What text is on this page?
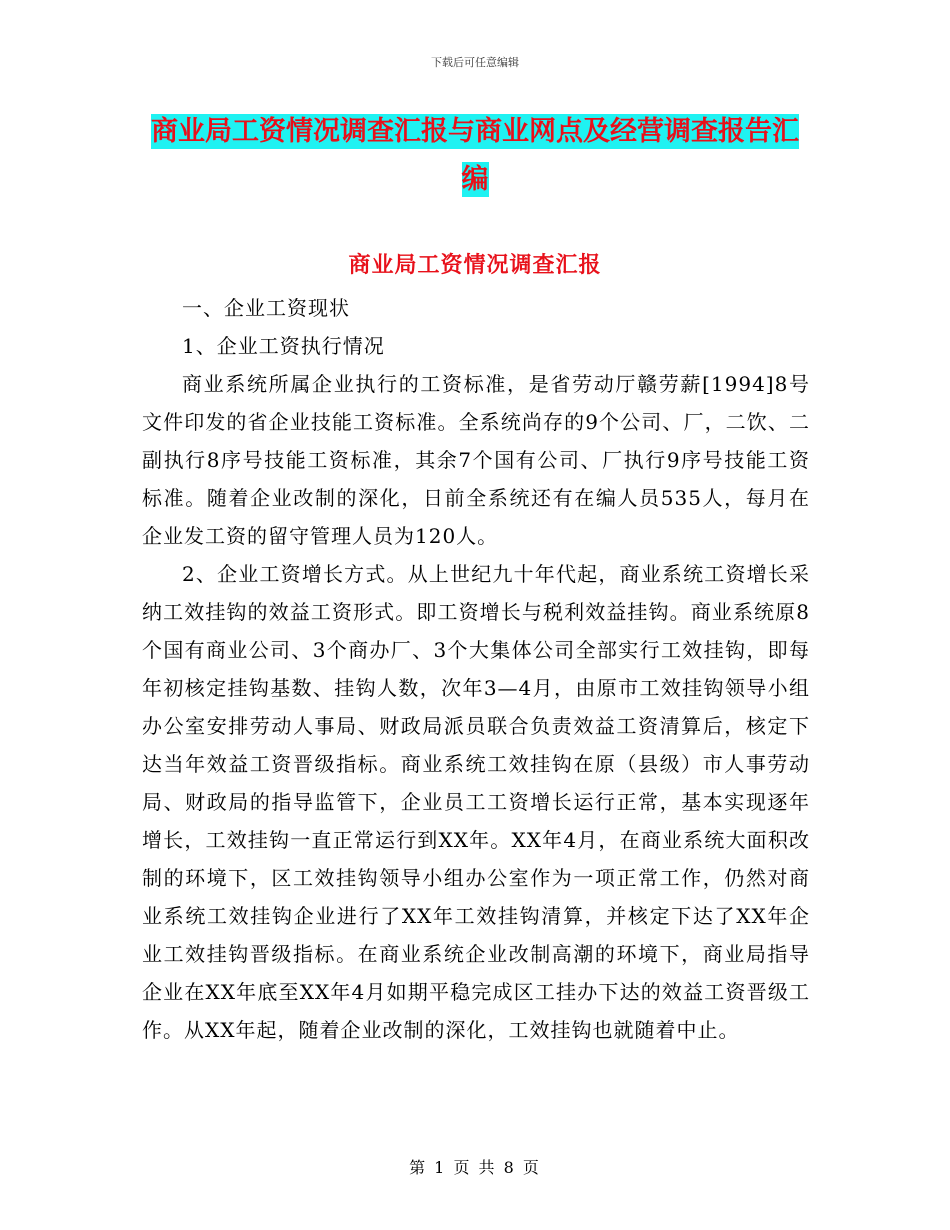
下载后可任意编辑
商业局工资情况调查汇报与商业网点及经营调查报告汇编
商业局工资情况调查汇报

一、企业工资现状

1、企业工资执行情况

商业系统所属企业执行的工资标准，是省劳动厅赣劳薪[1994]8号文件印发的省企业技能工资标准。全系统尚存的9个公司、厂，二饮、二副执行8序号技能工资标准，其余7个国有公司、厂执行9序号技能工资标准。随着企业改制的深化，日前全系统还有在编人员535人，每月在企业发工资的留守管理人员为120人。

2、企业工资增长方式。从上世纪九十年代起，商业系统工资增长采纳工效挂钩的效益工资形式。即工资增长与税利效益挂钩。商业系统原8个国有商业公司、3个商办厂、3个大集体公司全部实行工效挂钩，即每年初核定挂钩基数、挂钩人数，次年3—4月，由原市工效挂钩领导小组办公室安排劳动人事局、财政局派员联合负责效益工资清算后，核定下达当年效益工资晋级指标。商业系统工效挂钩在原（县级）市人事劳动局、财政局的指导监管下，企业员工工资增长运行正常，基本实现逐年增长，工效挂钩一直正常运行到XX年。XX年4月，在商业系统大面积改制的环境下，区工效挂钩领导小组办公室作为一项正常工作，仍然对商业系统工效挂钩企业进行了XX年工效挂钩清算，并核定下达了XX年企业工效挂钩晋级指标。在商业系统企业改制高潮的环境下，商业局指导企业在XX年底至XX年4月如期平稳完成区工挂办下达的效益工资晋级工作。从XX年起，随着企业改制的深化，工效挂钩也就随着中止。

第 1 页 共 8 页
